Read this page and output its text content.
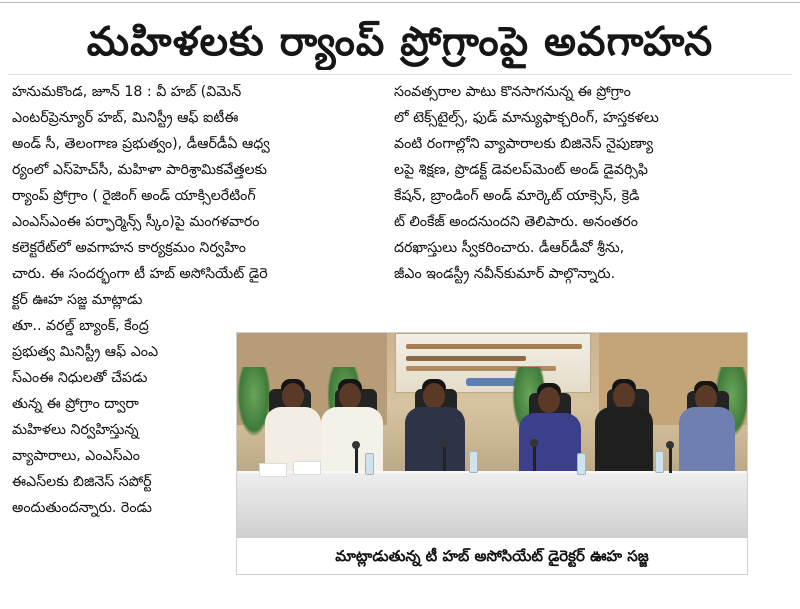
మహిళలకు ర్యాంప్ ప్రోగ్రాంపై అవగాహన
హనుమకొండ, జూన్ 18 : వీ హబ్ (విమెన్
ఎంటర్‌ప్రెన్యూర్ హబ్, మినిస్ట్రీ ఆఫ్ ఐటీఈ
అండ్ సీ, తెలంగాణ ప్రభుత్వం), డీఆర్‌డీఏ ఆధ్వ
ర్యంలో ఎస్‌హెచ్‌సీ, మహిళా పారిశ్రామికవేత్తలకు
ర్యాంప్ ప్రోగ్రాం ( రైజింగ్ అండ్ యాక్సిలరేటింగ్
ఎంఎస్ఎంఈ పర్ఫార్మెన్స్ స్కీం)పై మంగళవారం
కలెక్టరేట్‌లో అవగాహన కార్యక్రమం నిర్వహిం
చారు. ఈ సందర్భంగా టీ హబ్ అసోసియేట్ డైరె
క్టర్ ఊహ సజ్జ మాట్లాడు
తూ.. వరల్డ్ బ్యాంక్, కేంద్ర
ప్రభుత్వ మినిస్ట్రీ ఆఫ్ ఎంఎ
స్ఎంఈ నిధులతో చేపడు
తున్న ఈ ప్రోగ్రాం ద్వారా
మహిళలు నిర్వహిస్తున్న
వ్యాపారాలు, ఎంఎస్ఎం
ఈఎస్‌లకు బిజినెస్ సపోర్ట్
అందుతుందన్నారు. రెండు
సంవత్సరాల పాటు కొనసాగనున్న ఈ ప్రోగ్రాం
లో టెక్స్‌టైల్స్, ఫుడ్ మాన్యుఫాక్చరింగ్, హస్తకళలు
వంటి రంగాల్లోని వ్యాపారాలకు బిజినెస్ నైపుణ్యా
లపై శిక్షణ, ప్రొడక్ట్ డెవలప్‌మెంట్ అండ్ డైవర్సిఫి
కేషన్, బ్రాండింగ్ అండ్ మార్కెట్ యాక్సెస్, క్రెడి
ట్ లింకేజ్ అందనుందని తెలిపారు. అనంతరం
దరఖాస్తులు స్వీకరించారు. డీఆర్‌డీవో శ్రీను,
జీఎం ఇండస్ట్రీ నవీన్‌కుమార్ పాల్గొన్నారు.
మాట్లాడుతున్న టీ హబ్ అసోసియేట్ డైరెక్టర్ ఊహ సజ్జ
